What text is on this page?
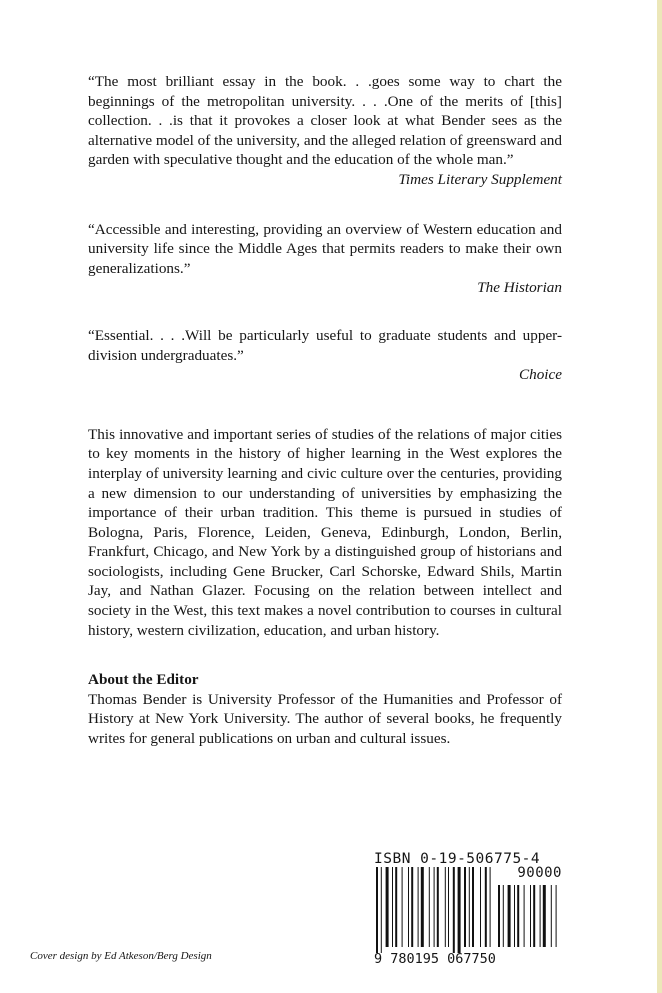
“The most brilliant essay in the book. . .goes some way to chart the beginnings of the metropolitan university. . . .One of the merits of [this] collection. . .is that it provokes a closer look at what Bender sees as the alternative model of the university, and the alleged relation of greensward and garden with speculative thought and the education of the whole man.”
Times Literary Supplement
“Accessible and interesting, providing an overview of Western education and university life since the Middle Ages that permits readers to make their own generalizations.”
The Historian
“Essential. . . .Will be particularly useful to graduate students and upper-division undergraduates.”
Choice

This innovative and important series of studies of the relations of major cities to key moments in the history of higher learning in the West explores the interplay of university learning and civic culture over the centuries, providing a new dimension to our understanding of universities by emphasizing the importance of their urban tradition. This theme is pursued in studies of Bologna, Paris, Florence, Leiden, Geneva, Edinburgh, London, Berlin, Frankfurt, Chicago, and New York by a distinguished group of historians and sociologists, including Gene Brucker, Carl Schorske, Edward Shils, Martin Jay, and Nathan Glazer. Focusing on the relation between intellect and society in the West, this text makes a novel contribution to courses in cultural history, western civilization, education, and urban history.

About the Editor
Thomas Bender is University Professor of the Humanities and Professor of History at New York University. The author of several books, he frequently writes for general publications on urban and cultural issues.
ISBN 0-19-506775-4
90000
9 780195 067750
Cover design by Ed Atkeson/Berg Design
